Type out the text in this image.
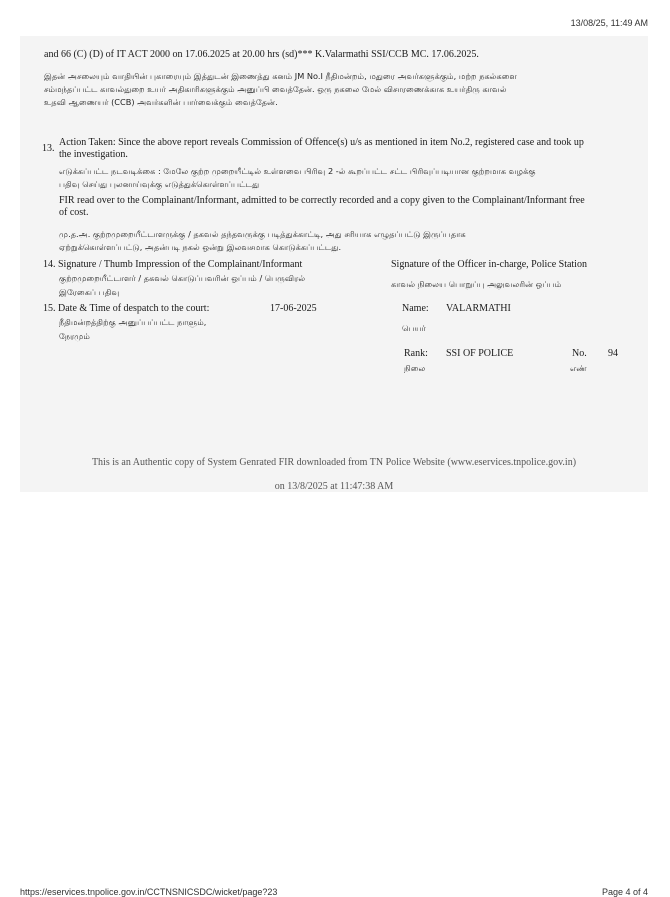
13/08/25, 11:49 AM
and 66 (C) (D) of IT ACT 2000 on 17.06.2025 at 20.00 hrs (sd)*** K.Valarmathi SSI/CCB MC. 17.06.2025.
இதன் அசலையும் வாதியின் புகாரையும் இத்துடன் இணைத்து கனம் JM No.I நீதிமன்றம், மதுரை அவர்களுக்கும், மற்ற நகல்களை
சம்மந்தப்பட்ட காவல்துறை உயர் அதிகாரிகளுக்கும் அனுப்பி வைத்தேன். ஒரு நகலை மேல் விசாரணைக்காக உயர்திரு காவல்
உதவி ஆணையர் (CCB) அவர்களின் பார்வைக்கும் வைத்தேன்.
13.
Action Taken: Since the above report reveals Commission of Offence(s) u/s as mentioned in item No.2, registered case and took up
the investigation.
எடுக்கப்பட்ட நடவடிக்கை : மேலே குற்ற முறையீட்டில் உள்ளவை பிரிவு 2 -ல் கூறப்பட்ட சட்ட பிரிவுப்படியான குற்றமாக வழக்கு
பதிவு செய்து புலனாய்வுக்கு எடுத்துக்கொள்ளப்பட்டது
FIR read over to the Complainant/Informant, admitted to be correctly recorded and a copy given to the Complainant/Informant free
of cost.
மு.த.அ. குற்றமுறையீட்டாளருக்கு / தகவல் தந்தவருக்கு படித்துக்காட்டி, அது சரியாக எழுதப்பட்டு இருப்பதாக
ஏற்றுக்கொள்ளப்பட்டு, அதன்படி நகல் ஒன்று இலவசமாக கொடுக்கப்பட்டது.
14. Signature / Thumb Impression of the Complainant/Informant
குற்றமுறையீட்டாளர் / தகவல் கொடுப்பவரின் ஒப்பம் / பெருவிரல்
இரேகைப் பதிவு
Signature of the Officer in-charge, Police Station
காவல் நிலைய பொறுப்பு அலுவலரின் ஒப்பம்
15. Date & Time of despatch to the court:
நீதிமன்றத்திற்கு அனுப்பப்பட்ட நாளும்,
நேரமும்
17-06-2025	Name: VALARMATHI
பெயர்
Rank: SSI OF POLICE	No. 94
நிலை	எண்
This is an Authentic copy of System Genrated FIR downloaded from TN Police Website (www.eservices.tnpolice.gov.in)
on 13/8/2025 at 11:47:38 AM
https://eservices.tnpolice.gov.in/CCTNSNICSDC/wicket/page?23	Page 4 of 4
